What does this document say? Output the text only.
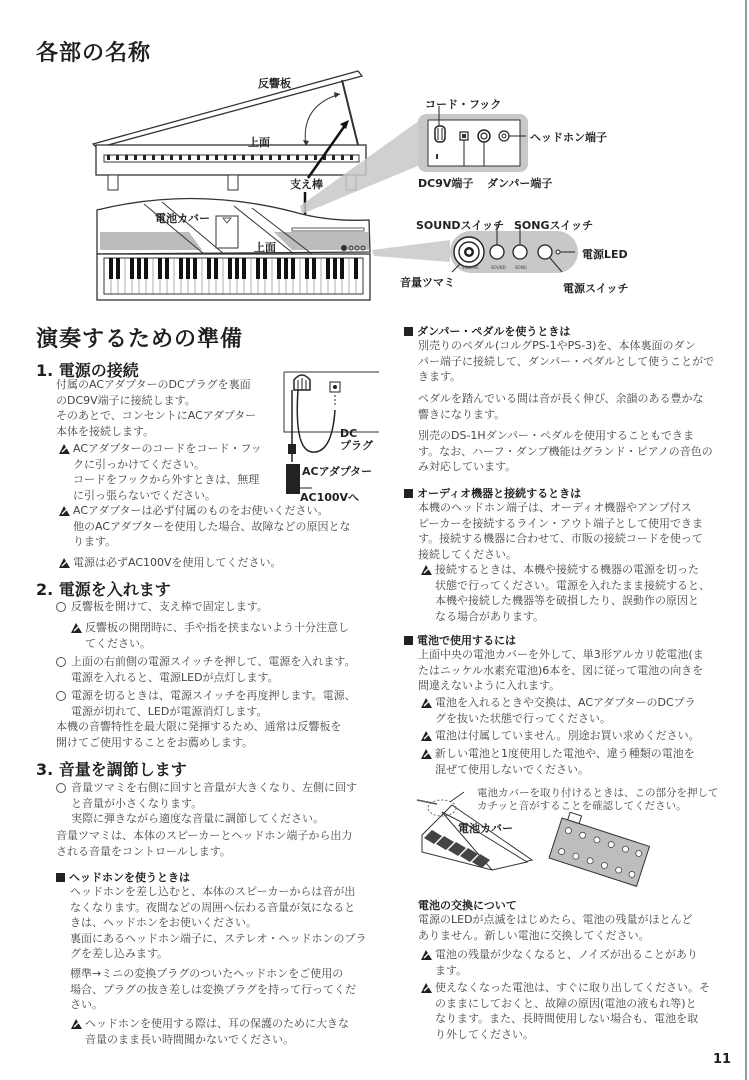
各部の名称
反響板
上面
支え棒
電池カバー
上面
コード・フック
ヘッドホン端子
DC9V端子 ダンパー端子
VOLUME	SOUND SONG
SOUNDスイッチ SONGスイッチ
電源LED
音量ツマミ	電源スイッチ
演奏するための準備
1. 電源の接続
付属のACアダプターのDCプラグを裏面
のDC9V端子に接続します。
そのあとで、コンセントにACアダプター
本体を接続します。
ACアダプターのコードをコード・フッ
クに引っかけてください。
コードをフックから外すときは、無理
に引っ張らないでください。
ACアダプターは必ず付属のものをお使いください。
他のACアダプターを使用した場合、故障などの原因とな
ります。
電源は必ずAC100Vを使用してください。
DC
プラグ
ACアダプター
AC100Vへ
2. 電源を入れます
反響板を開けて、支え棒で固定します。
反響板の開閉時に、手や指を挟まないよう十分注意し
てください。
上面の右前側の電源スイッチを押して、電源を入れます。
電源を入れると、電源LEDが点灯します。
電源を切るときは、電源スイッチを再度押します。電源、
電源が切れて、LEDが電源消灯します。
本機の音響特性を最大限に発揮するため、通常は反響板を
開けてご使用することをお薦めします。
3. 音量を調節します
音量ツマミを右側に回すと音量が大きくなり、左側に回す
と音量が小さくなります。
実際に弾きながら適度な音量に調節してください。
音量ツマミは、本体のスピーカーとヘッドホン端子から出力
される音量をコントロールします。
ヘッドホンを使うときは
ヘッドホンを差し込むと、本体のスピーカーからは音が出
なくなります。夜間などの周囲へ伝わる音量が気になると
きは、ヘッドホンをお使いください。
裏面にあるヘッドホン端子に、ステレオ・ヘッドホンのプラ
グを差し込みます。
標準→ミニの変換プラグのついたヘッドホンをご使用の
場合、プラグの抜き差しは変換プラグを持って行ってくだ
さい。
ヘッドホンを使用する際は、耳の保護のために大きな
音量のまま長い時間聞かないでください。
ダンパー・ペダルを使うときは
別売りのペダル(コルグPS-1やPS-3)を、本体裏面のダン
パー端子に接続して、ダンパー・ペダルとして使うことがで
きます。
ペダルを踏んでいる間は音が長く伸び、余韻のある豊かな
響きになります。
別売のDS-1Hダンパー・ペダルを使用することもできま
す。なお、ハーフ・ダンプ機能はグランド・ピアノの音色の
み対応しています。
オーディオ機器と接続するときは
本機のヘッドホン端子は、オーディオ機器やアンプ付ス
ピーカーを接続するライン・アウト端子として使用できま
す。接続する機器に合わせて、市販の接続コードを使って
接続してください。
接続するときは、本機や接続する機器の電源を切った
状態で行ってください。電源を入れたまま接続すると、
本機や接続した機器等を破損したり、誤動作の原因と
なる場合があります。
電池で使用するには
上面中央の電池カバーを外して、単3形アルカリ乾電池(ま
たはニッケル水素充電池)6本を、図に従って電池の向きを
間違えないように入れます。
電池を入れるときや交換は、ACアダプターのDCプラ
グを抜いた状態で行ってください。
電池は付属していません。別途お買い求めください。
新しい電池と1度使用した電池や、違う種類の電池を
混ぜて使用しないでください。
電池カバーを取り付けるときは、この部分を押して
カチッと音がすることを確認してください。
電池カバー
電池の交換について
電源のLEDが点滅をはじめたら、電池の残量がほとんど
ありません。新しい電池に交換してください。
電池の残量が少なくなると、ノイズが出ることがあり
ます。
使えなくなった電池は、すぐに取り出してください。そ
のままにしておくと、故障の原因(電池の液もれ等)と
なります。また、長時間使用しない場合も、電池を取
り外してください。
11
